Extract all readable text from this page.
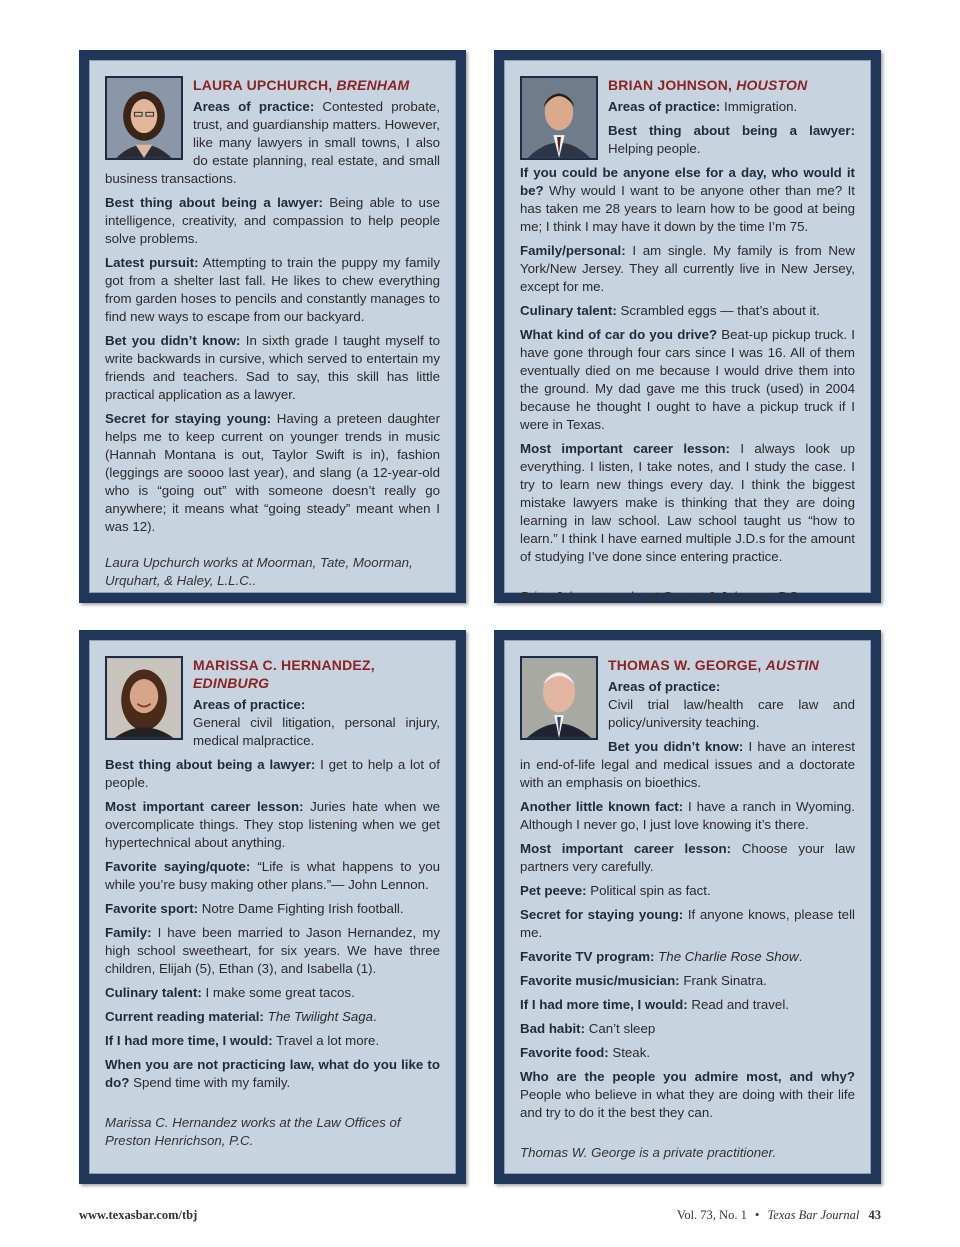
LAURA UPCHURCH, BRENHAM

Areas of practice: Contested probate, trust, and guardianship matters. However, like many lawyers in small towns, I also do estate planning, real estate, and small business transactions.

Best thing about being a lawyer: Being able to use intelligence, creativity, and compassion to help people solve problems.

Latest pursuit: Attempting to train the puppy my family got from a shelter last fall. He likes to chew everything from garden hoses to pencils and constantly manages to find new ways to escape from our backyard.

Bet you didn’t know: In sixth grade I taught myself to write backwards in cursive, which served to entertain my friends and teachers. Sad to say, this skill has little practical application as a lawyer.

Secret for staying young: Having a preteen daughter helps me to keep current on younger trends in music (Hannah Montana is out, Taylor Swift is in), fashion (leggings are soooo last year), and slang (a 12-year-old who is “going out” with someone doesn’t really go anywhere; it means what “going steady” meant when I was 12).

Laura Upchurch works at Moorman, Tate, Moorman, Urquhart, & Haley, L.L.C..
BRIAN JOHNSON, HOUSTON

Areas of practice: Immigration.

Best thing about being a lawyer: Helping people.

If you could be anyone else for a day, who would it be? Why would I want to be anyone other than me? It has taken me 28 years to learn how to be good at being me; I think I may have it down by the time I’m 75.

Family/personal: I am single. My family is from New York/New Jersey. They all currently live in New Jersey, except for me.

Culinary talent: Scrambled eggs — that’s about it.

What kind of car do you drive? Beat-up pickup truck. I have gone through four cars since I was 16. All of them eventually died on me because I would drive them into the ground. My dad gave me this truck (used) in 2004 because he thought I ought to have a pickup truck if I were in Texas.

Most important career lesson: I always look up everything. I listen, I take notes, and I study the case. I try to learn new things every day. I think the biggest mistake lawyers make is thinking that they are doing learning in law school. Law school taught us “how to learn.” I think I have earned multiple J.D.s for the amount of studying I’ve done since entering practice.

Brian Johnson works at Guerra & Johnson, P.C.
MARISSA C. HERNANDEZ, EDINBURG

Areas of practice:
General civil litigation, personal injury, medical malpractice.

Best thing about being a lawyer: I get to help a lot of people.

Most important career lesson: Juries hate when we overcomplicate things. They stop listening when we get hypertechnical about anything.

Favorite saying/quote: “Life is what happens to you while you’re busy making other plans.”— John Lennon.

Favorite sport: Notre Dame Fighting Irish football.

Family: I have been married to Jason Hernandez, my high school sweetheart, for six years. We have three children, Elijah (5), Ethan (3), and Isabella (1).

Culinary talent: I make some great tacos.

Current reading material: The Twilight Saga.

If I had more time, I would: Travel a lot more.

When you are not practicing law, what do you like to do? Spend time with my family.

Marissa C. Hernandez works at the Law Offices of Preston Henrichson, P.C.
THOMAS W. GEORGE, AUSTIN

Areas of practice:
Civil trial law/health care law and policy/university teaching.

Bet you didn’t know: I have an interest in end-of-life legal and medical issues and a doctorate with an emphasis on bioethics.

Another little known fact: I have a ranch in Wyoming. Although I never go, I just love knowing it’s there.

Most important career lesson: Choose your law partners very carefully.

Pet peeve: Political spin as fact.

Secret for staying young: If anyone knows, please tell me.

Favorite TV program: The Charlie Rose Show.

Favorite music/musician: Frank Sinatra.

If I had more time, I would: Read and travel.

Bad habit: Can’t sleep

Favorite food: Steak.

Who are the people you admire most, and why? People who believe in what they are doing with their life and try to do it the best they can.

Thomas W. George is a private practitioner.
www.texasbar.com/tbj	Vol. 73, No. 1 • Texas Bar Journal 43
